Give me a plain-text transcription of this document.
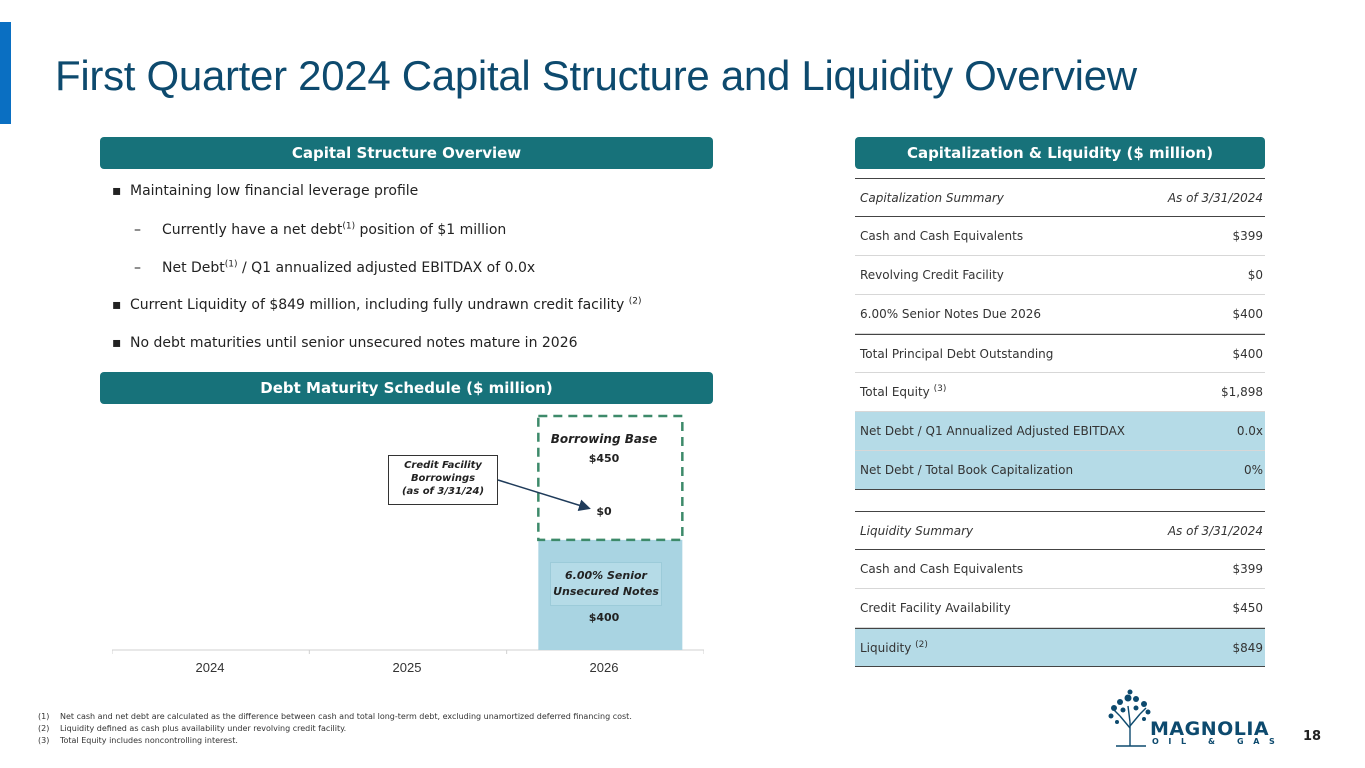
First Quarter 2024 Capital Structure and Liquidity Overview
Capital Structure Overview	Capitalization & Liquidity ($ million)
Debt Maturity Schedule ($ million)
▪ Maintaining low financial leverage profile
– Currently have a net debt$^{(1)}$ position of $1 million
– Net Debt$^{(1)}$ / Q1 annualized adjusted EBITDAX of 0.0x
▪ Current Liquidity of $849 million, including fully undrawn credit facility $^{(2)}$
▪ No debt maturities until senior unsecured notes mature in 2026
Credit Facility
Borrowings
(as of 3/31/24)
Borrowing Base
$450
$0
6.00% Senior
Unsecured Notes
$400
2024	2025	2026
Capitalization Summary	As of 3/31/2024
Cash and Cash Equivalents	$399
Revolving Credit Facility	$0
6.00% Senior Notes Due 2026	$400
Total Principal Debt Outstanding	$400
Total Equity $^{(3)}$	$1,898
Net Debt / Q1 Annualized Adjusted EBITDAX	0.0x
Net Debt / Total Book Capitalization	0%
Liquidity Summary	As of 3/31/2024
Cash and Cash Equivalents	$399
Credit Facility Availability	$450
Liquidity $^{(2)}$	$849
(1) Net cash and net debt are calculated as the difference between cash and total long-term debt, excluding unamortized deferred financing cost.
(2) Liquidity defined as cash plus availability under revolving credit facility.
(3) Total Equity includes noncontrolling interest.
MAGNOLIA
OIL & GAS 18
